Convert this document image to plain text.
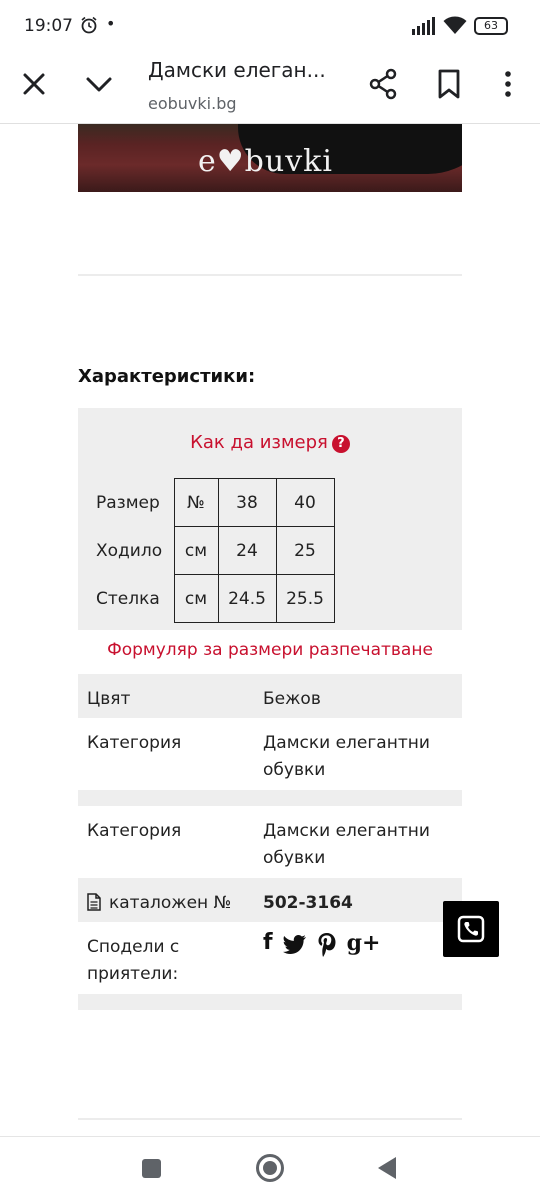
19:07 •	63
Дамски елеган...
eobuvki.bg
e♥buvki
Характеристики:
Как да измеря ?
Размер	№	38	40
Ходило	см	24	25
Стелка	см	24.5	25.5
Формуляр за размери разпечатване
Цвят	Бежов
Категория	Дамски елегантни обувки
Категория	Дамски елегантни обувки
каталожен № 502-3164
Сподели с приятели:
f	g+
